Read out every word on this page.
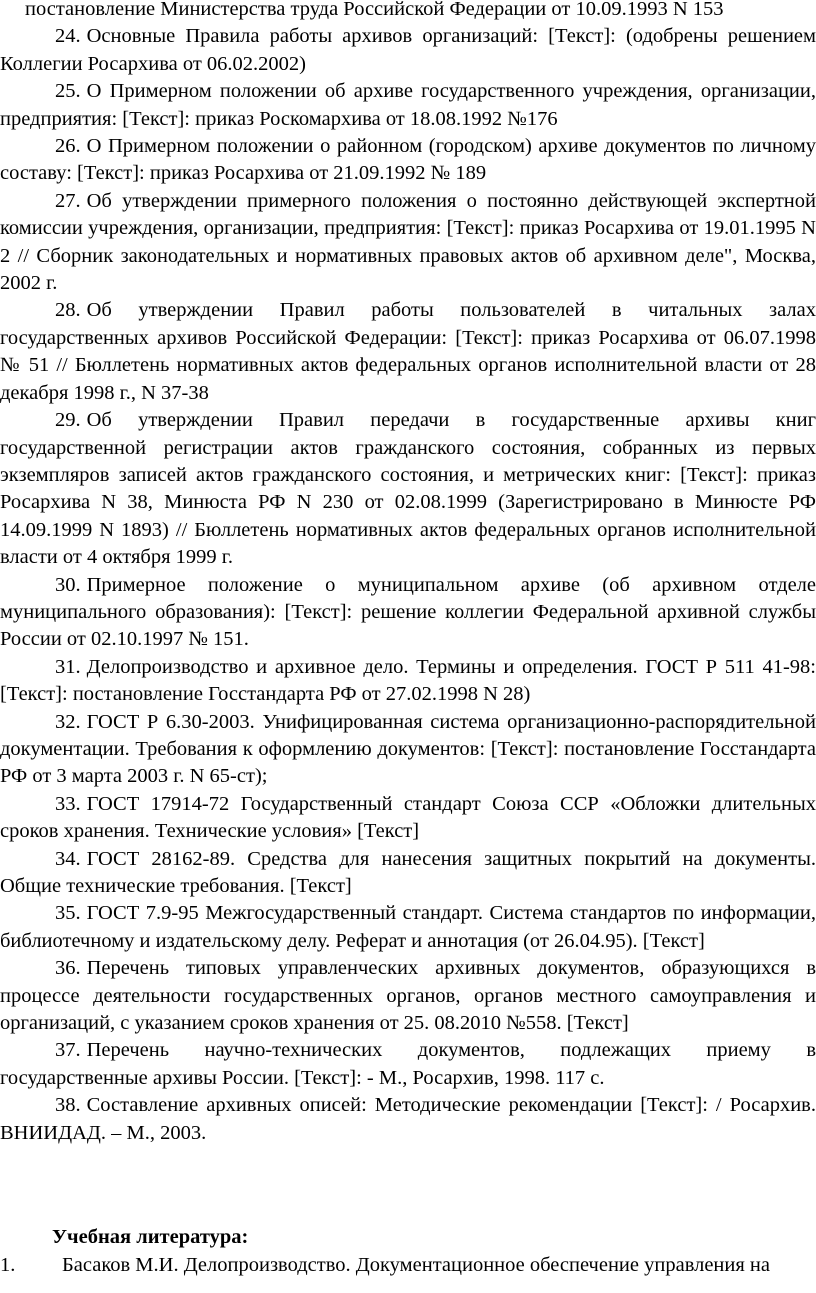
постановление Министерства труда Российской Федерации от 10.09.1993 N 153

24. Основные Правила работы архивов организаций: [Текст]: (одобрены решением Коллегии Росархива от 06.02.2002)

25. О Примерном положении об архиве государственного учреждения, организации, предприятия: [Текст]: приказ Роскомархива от 18.08.1992 №176

26. О Примерном положении о районном (городском) архиве документов по личному составу: [Текст]: приказ Росархива от 21.09.1992 № 189

27. Об утверждении примерного положения о постоянно действующей экспертной комиссии учреждения, организации, предприятия: [Текст]: приказ Росархива от 19.01.1995 N 2 // Сборник законодательных и нормативных правовых актов об архивном деле", Москва, 2002 г.

28. Об утверждении Правил работы пользователей в читальных залах государственных архивов Российской Федерации: [Текст]: приказ Росархива от 06.07.1998 № 51 // Бюллетень нормативных актов федеральных органов исполнительной власти от 28 декабря 1998 г., N 37-38

29. Об утверждении Правил передачи в государственные архивы книг государственной регистрации актов гражданского состояния, собранных из первых экземпляров записей актов гражданского состояния, и метрических книг: [Текст]: приказ Росархива N 38, Минюста РФ N 230 от 02.08.1999 (Зарегистрировано в Минюсте РФ 14.09.1999 N 1893) // Бюллетень нормативных актов федеральных органов исполнительной власти от 4 октября 1999 г.

30. Примерное положение о муниципальном архиве (об архивном отделе муниципального образования): [Текст]: решение коллегии Федеральной архивной службы России от 02.10.1997 № 151.

31. Делопроизводство и архивное дело. Термины и определения. ГОСТ Р 511 41-98: [Текст]: постановление Госстандарта РФ от 27.02.1998 N 28)

32. ГОСТ Р 6.30-2003. Унифицированная система организационно-распорядительной документации. Требования к оформлению документов: [Текст]: постановление Госстандарта РФ от 3 марта 2003 г. N 65-ст);

33. ГОСТ 17914-72 Государственный стандарт Союза ССР «Обложки длительных сроков хранения. Технические условия» [Текст]

34. ГОСТ 28162-89. Средства для нанесения защитных покрытий на документы. Общие технические требования. [Текст]

35. ГОСТ 7.9-95 Межгосударственный стандарт. Система стандартов по информации, библиотечному и издательскому делу. Реферат и аннотация (от 26.04.95). [Текст]

36. Перечень типовых управленческих архивных документов, образующихся в процессе деятельности государственных органов, органов местного самоуправления и организаций, с указанием сроков хранения от 25. 08.2010 №558. [Текст]

37. Перечень научно-технических документов, подлежащих приему в государственные архивы России. [Текст]: - М., Росархив, 1998. 117 с.

38. Составление архивных описей: Методические рекомендации [Текст]: / Росархив. ВНИИДАД. – М., 2003.

Учебная литература:

1. Басаков М.И. Делопроизводство. Документационное обеспечение управления на
